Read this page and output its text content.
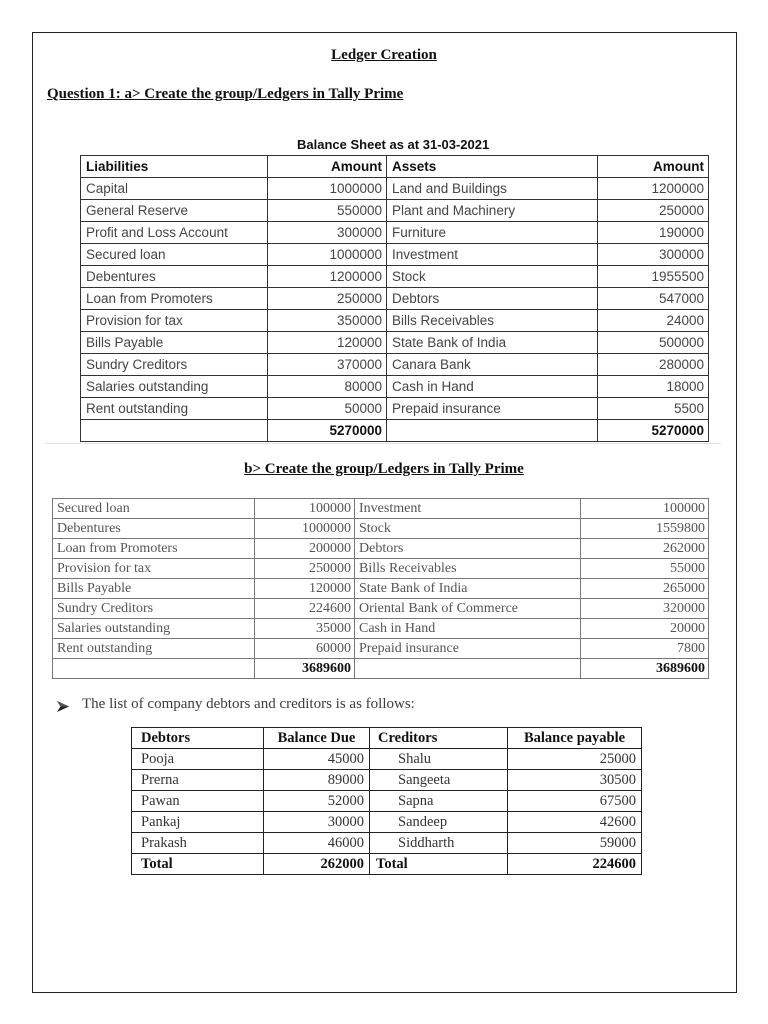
Ledger Creation
Question 1: a> Create the group/Ledgers in Tally Prime
Balance Sheet as at 31-03-2021
Liabilities	Amount	Assets	Amount
Capital	1000000	Land and Buildings	1200000
General Reserve	550000	Plant and Machinery	250000
Profit and Loss Account	300000	Furniture	190000
Secured loan	1000000	Investment	300000
Debentures	1200000	Stock	1955500
Loan from Promoters	250000	Debtors	547000
Provision for tax	350000	Bills Receivables	24000
Bills Payable	120000	State Bank of India	500000
Sundry Creditors	370000	Canara Bank	280000
Salaries outstanding	80000	Cash in Hand	18000
Rent outstanding	50000	Prepaid insurance	5500
	5270000		5270000
b> Create the group/Ledgers in Tally Prime
Secured loan	100000	Investment	100000
Debentures	1000000	Stock	1559800
Loan from Promoters	200000	Debtors	262000
Provision for tax	250000	Bills Receivables	55000
Bills Payable	120000	State Bank of India	265000
Sundry Creditors	224600	Oriental Bank of Commerce	320000
Salaries outstanding	35000	Cash in Hand	20000
Rent outstanding	60000	Prepaid insurance	7800
	3689600		3689600
The list of company debtors and creditors is as follows:
Debtors	Balance Due	Creditors	Balance payable
Pooja	45000	Shalu	25000
Prerna	89000	Sangeeta	30500
Pawan	52000	Sapna	67500
Pankaj	30000	Sandeep	42600
Prakash	46000	Siddharth	59000
Total	262000	Total	224600
